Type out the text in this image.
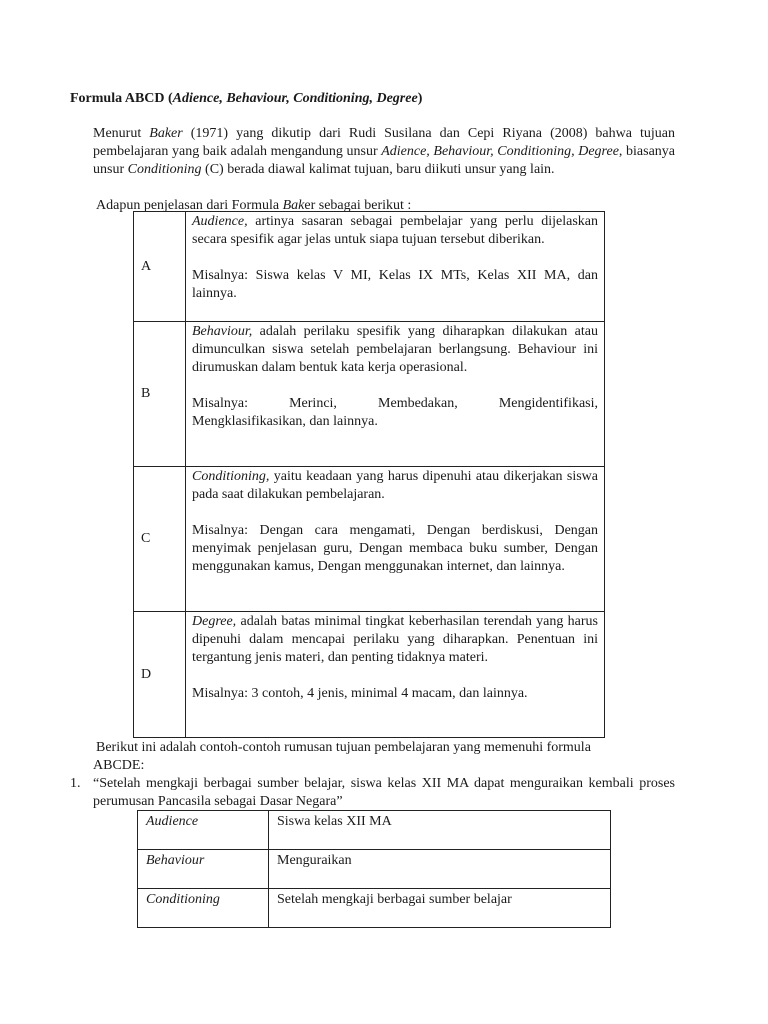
Formula ABCD (Adience, Behaviour, Conditioning, Degree)
Menurut Baker (1971) yang dikutip dari Rudi Susilana dan Cepi Riyana (2008) bahwa tujuan pembelajaran yang baik adalah mengandung unsur Adience, Behaviour, Conditioning, Degree, biasanya unsur Conditioning (C) berada diawal kalimat tujuan, baru diikuti unsur yang lain.
Adapun penjelasan dari Formula Baker sebagai berikut :
A	Audience, artinya sasaran sebagai pembelajar yang perlu dijelaskan secara spesifik agar jelas untuk siapa tujuan tersebut diberikan.

Misalnya: Siswa kelas V MI, Kelas IX MTs, Kelas XII MA, dan lainnya.

B	Behaviour, adalah perilaku spesifik yang diharapkan dilakukan atau dimunculkan siswa setelah pembelajaran berlangsung. Behaviour ini dirumuskan dalam bentuk kata kerja operasional.

Misalnya: Merinci, Membedakan, Mengidentifikasi, Mengklasifikasikan, dan lainnya.

C	Conditioning, yaitu keadaan yang harus dipenuhi atau dikerjakan siswa pada saat dilakukan pembelajaran.

Misalnya: Dengan cara mengamati, Dengan berdiskusi, Dengan menyimak penjelasan guru, Dengan membaca buku sumber, Dengan menggunakan kamus, Dengan menggunakan internet, dan lainnya.

D	Degree, adalah batas minimal tingkat keberhasilan terendah yang harus dipenuhi dalam mencapai perilaku yang diharapkan. Penentuan ini tergantung jenis materi, dan penting tidaknya materi.

Misalnya: 3 contoh, 4 jenis, minimal 4 macam, dan lainnya.

Berikut ini adalah contoh-contoh rumusan tujuan pembelajaran yang memenuhi formula
ABCDE:
1. “Setelah mengkaji berbagai sumber belajar, siswa kelas XII MA dapat menguraikan kembali proses perumusan Pancasila sebagai Dasar Negara”
Audience	Siswa kelas XII MA
Behaviour	Menguraikan
Conditioning	Setelah mengkaji berbagai sumber belajar
